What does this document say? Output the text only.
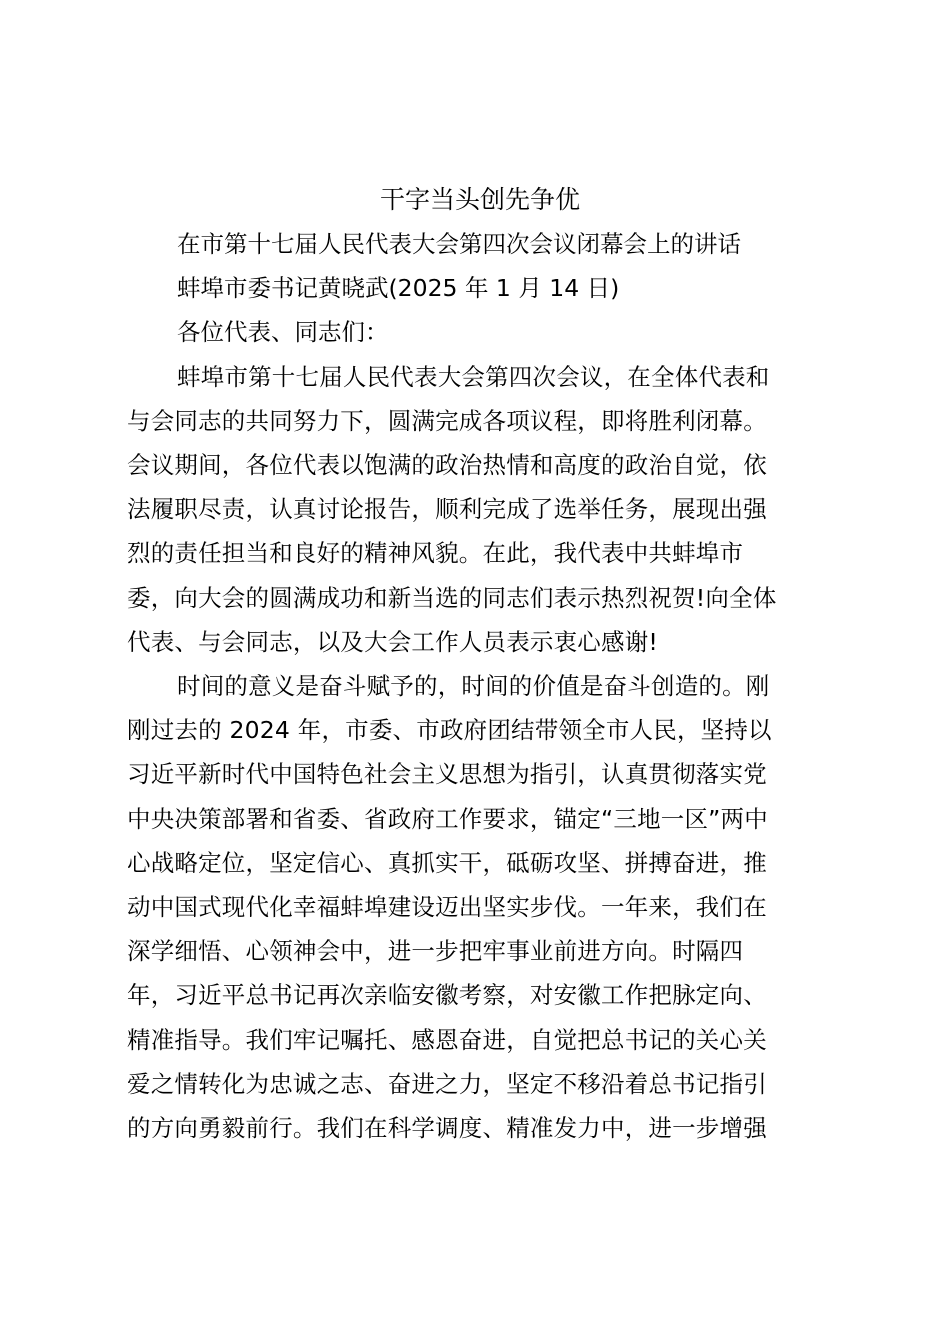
干字当头创先争优

在市第十七届人民代表大会第四次会议闭幕会上的讲话

蚌埠市委书记黄晓武(2025 年 1 月 14 日)

各位代表、同志们：

蚌埠市第十七届人民代表大会第四次会议，在全体代表和
与会同志的共同努力下，圆满完成各项议程，即将胜利闭幕。
会议期间，各位代表以饱满的政治热情和高度的政治自觉，依
法履职尽责，认真讨论报告，顺利完成了选举任务，展现出强
烈的责任担当和良好的精神风貌。在此，我代表中共蚌埠市
委，向大会的圆满成功和新当选的同志们表示热烈祝贺!向全体
代表、与会同志，以及大会工作人员表示衷心感谢!
时间的意义是奋斗赋予的，时间的价值是奋斗创造的。刚
刚过去的 2024 年，市委、市政府团结带领全市人民，坚持以
习近平新时代中国特色社会主义思想为指引，认真贯彻落实党
中央决策部署和省委、省政府工作要求，锚定“三地一区”两中
心战略定位，坚定信心、真抓实干，砥砺攻坚、拼搏奋进，推
动中国式现代化幸福蚌埠建设迈出坚实步伐。一年来，我们在
深学细悟、心领神会中，进一步把牢事业前进方向。时隔四
年，习近平总书记再次亲临安徽考察，对安徽工作把脉定向、
精准指导。我们牢记嘱托、感恩奋进，自觉把总书记的关心关
爱之情转化为忠诚之志、奋进之力，坚定不移沿着总书记指引
的方向勇毅前行。我们在科学调度、精准发力中，进一步增强
